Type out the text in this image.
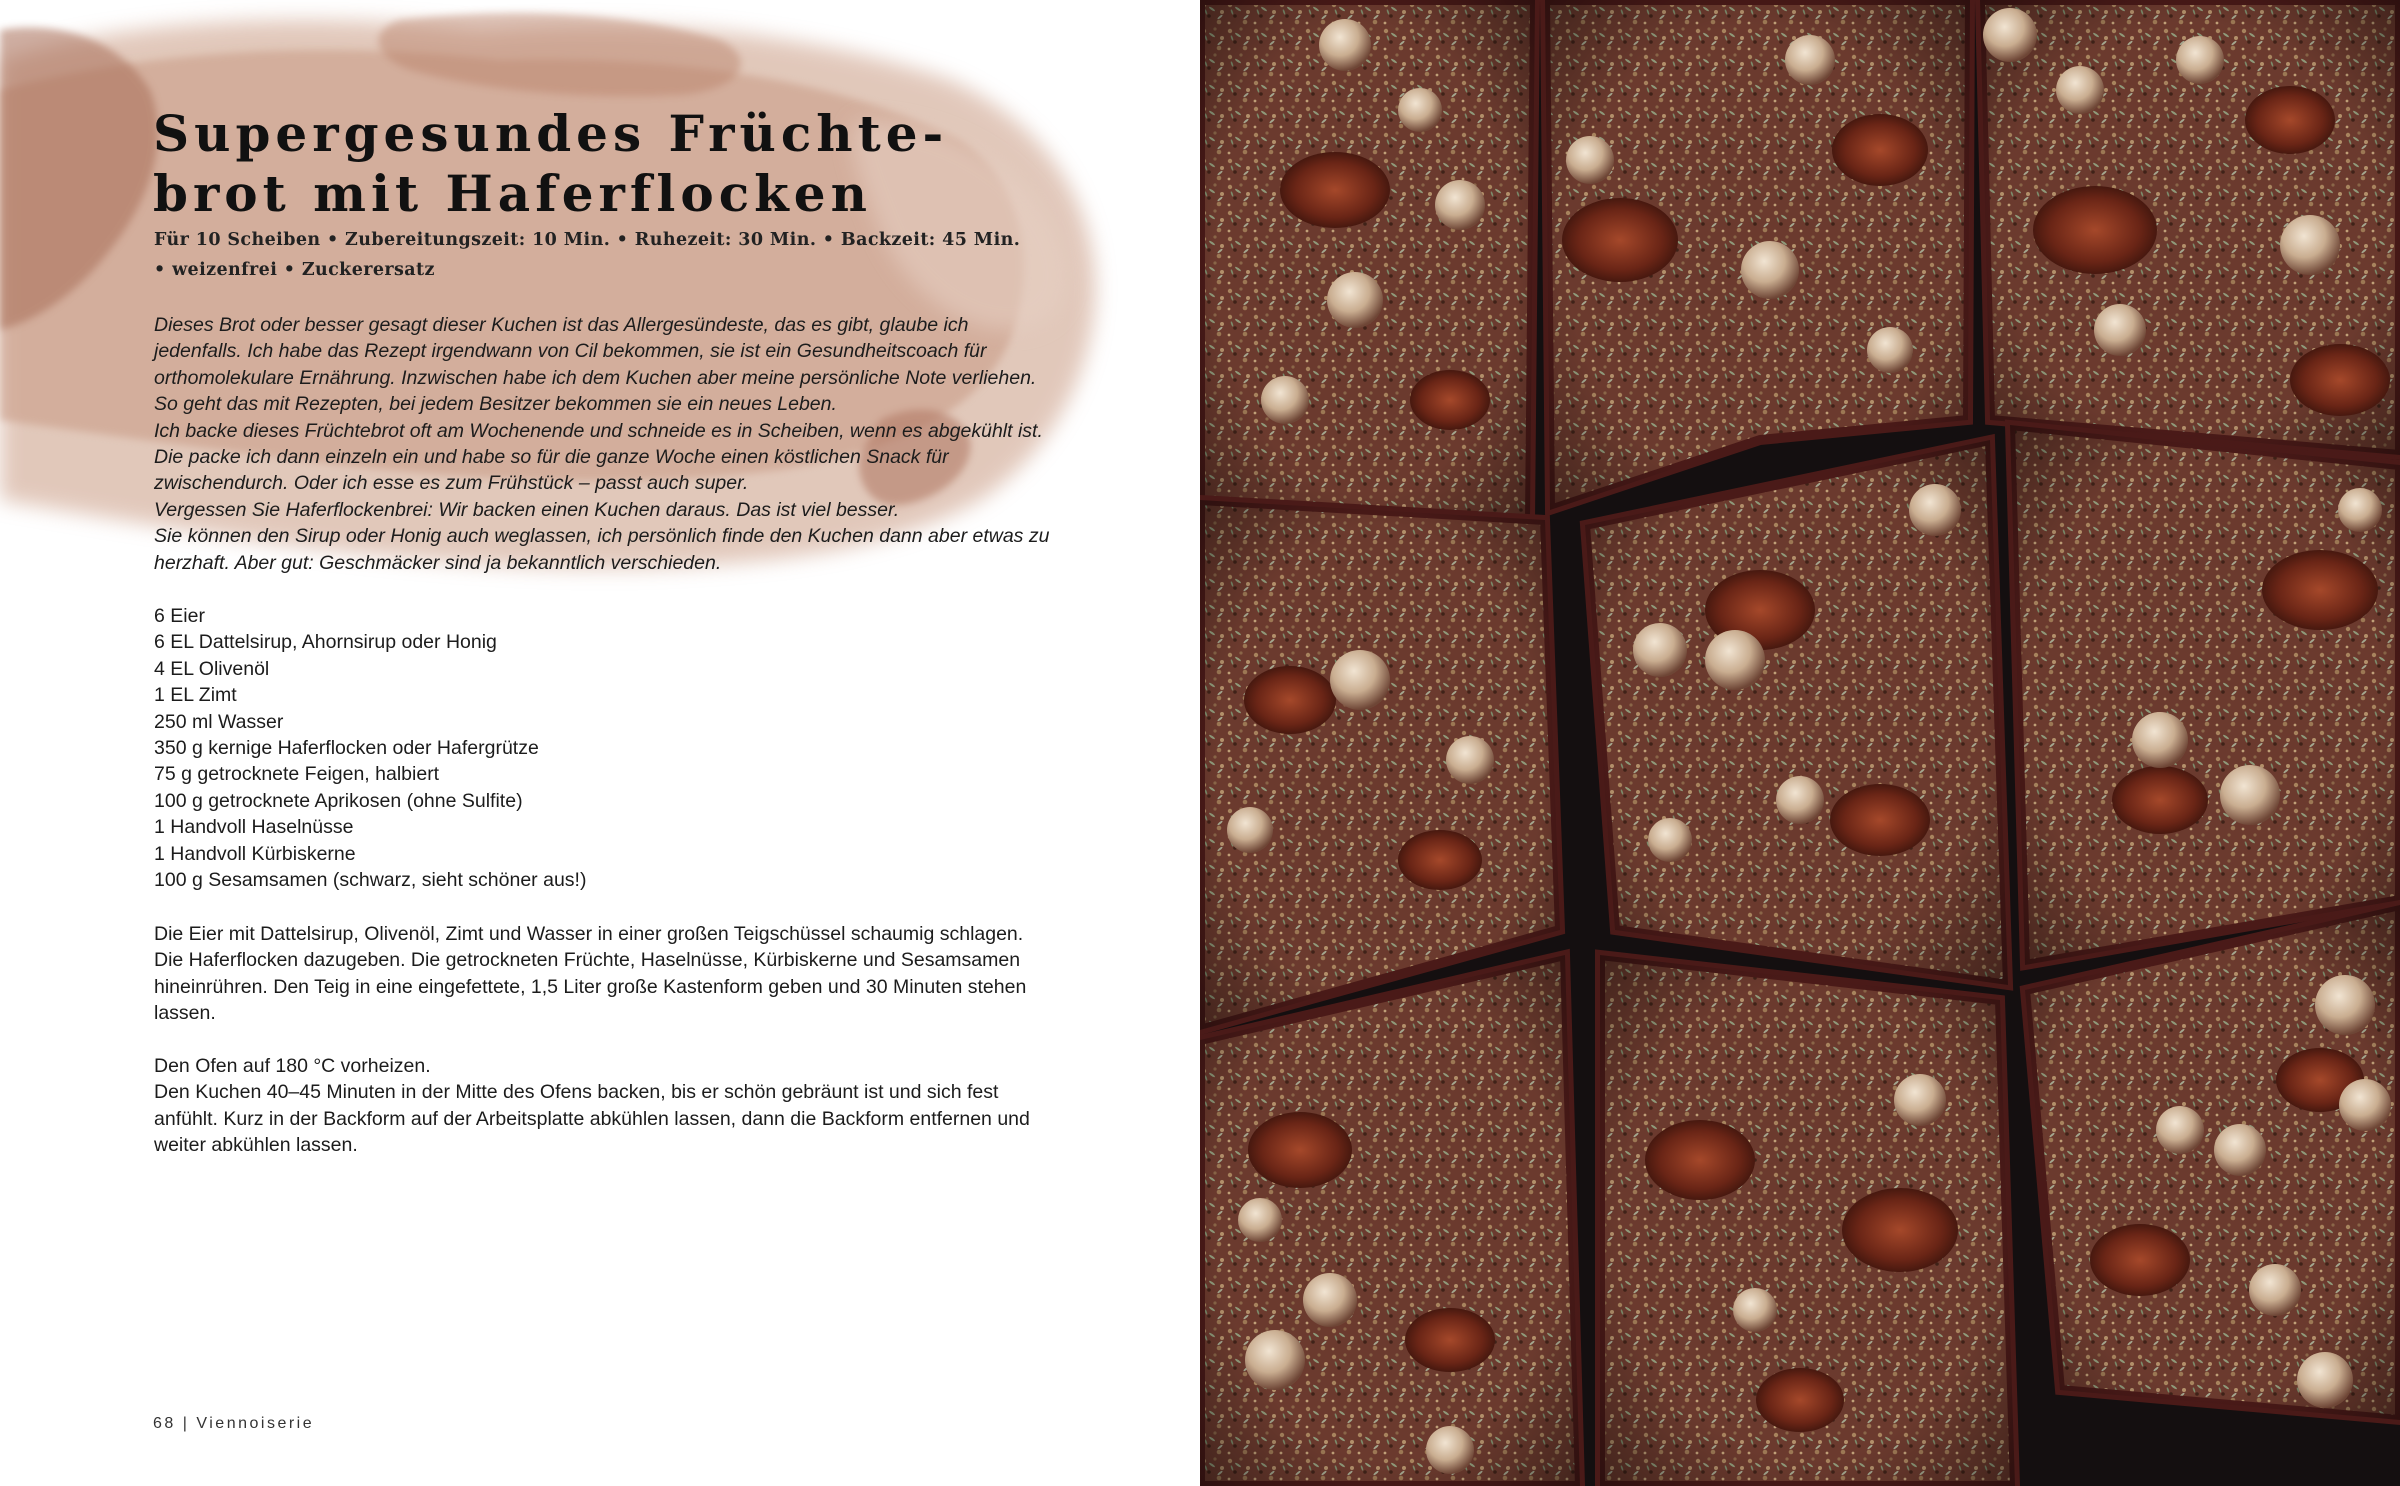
Supergesundes Früchte-
brot mit Haferflocken
Für 10 Scheiben • Zubereitungszeit: 10 Min. • Ruhezeit: 30 Min. • Backzeit: 45 Min.
• weizenfrei • Zuckerersatz

Dieses Brot oder besser gesagt dieser Kuchen ist das Allergesündeste, das es gibt, glaube ich jedenfalls. Ich habe das Rezept irgendwann von Cil bekommen, sie ist ein Gesundheitscoach für orthomolekulare Ernährung. Inzwischen habe ich dem Kuchen aber meine persönliche Note verliehen. So geht das mit Rezepten, bei jedem Besitzer bekommen sie ein neues Leben.

Ich backe dieses Früchtebrot oft am Wochenende und schneide es in Scheiben, wenn es abgekühlt ist. Die packe ich dann einzeln ein und habe so für die ganze Woche einen köstlichen Snack für zwischendurch. Oder ich esse es zum Frühstück – passt auch super.

Vergessen Sie Haferflockenbrei: Wir backen einen Kuchen daraus. Das ist viel besser.

Sie können den Sirup oder Honig auch weglassen, ich persönlich finde den Kuchen dann aber etwas zu herzhaft. Aber gut: Geschmäcker sind ja bekanntlich verschieden.

6 Eier
6 EL Dattelsirup, Ahornsirup oder Honig
4 EL Olivenöl
1 EL Zimt
250 ml Wasser
350 g kernige Haferflocken oder Hafergrütze
75 g getrocknete Feigen, halbiert
100 g getrocknete Aprikosen (ohne Sulfite)
1 Handvoll Haselnüsse
1 Handvoll Kürbiskerne
100 g Sesamsamen (schwarz, sieht schöner aus!)

Die Eier mit Dattelsirup, Olivenöl, Zimt und Wasser in einer großen Teigschüssel schaumig schlagen. Die Haferflocken dazugeben. Die getrockneten Früchte, Haselnüsse, Kürbiskerne und Sesamsamen hineinrühren. Den Teig in eine eingefettete, 1,5 Liter große Kastenform geben und 30 Minuten stehen lassen.

Den Ofen auf 180 °C vorheizen.
Den Kuchen 40–45 Minuten in der Mitte des Ofens backen, bis er schön gebräunt ist und sich fest anfühlt. Kurz in der Backform auf der Arbeitsplatte abkühlen lassen, dann die Backform entfernen und weiter abkühlen lassen.

68 | Viennoiserie
